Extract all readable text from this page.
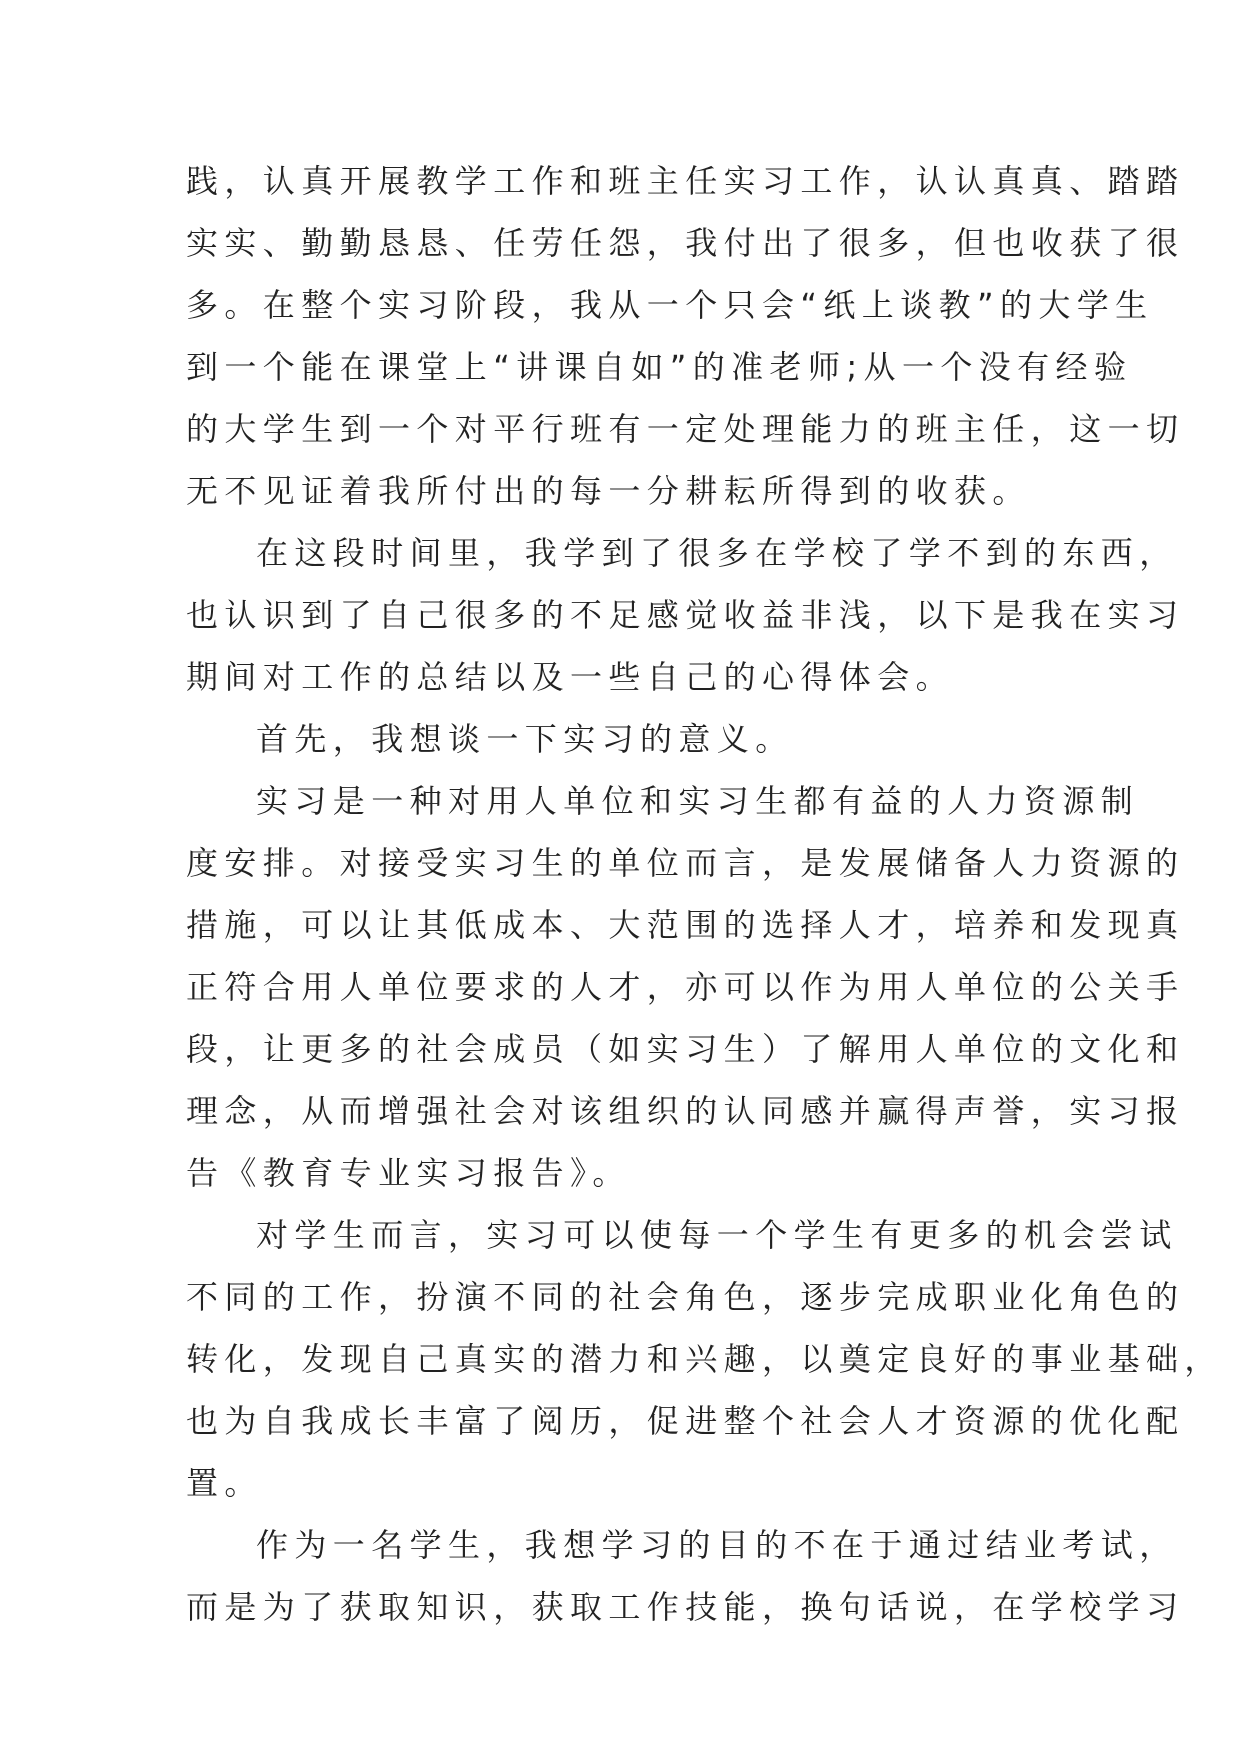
践，认真开展教学工作和班主任实习工作，认认真真、踏踏
实实、勤勤恳恳、任劳任怨，我付出了很多，但也收获了很
多。在整个实习阶段，我从一个只会“纸上谈教”的大学生
到一个能在课堂上“讲课自如”的准老师;从一个没有经验
的大学生到一个对平行班有一定处理能力的班主任，这一切
无不见证着我所付出的每一分耕耘所得到的收获。
在这段时间里，我学到了很多在学校了学不到的东西，
也认识到了自己很多的不足感觉收益非浅，以下是我在实习
期间对工作的总结以及一些自己的心得体会。
首先，我想谈一下实习的意义。
实习是一种对用人单位和实习生都有益的人力资源制
度安排。对接受实习生的单位而言，是发展储备人力资源的
措施，可以让其低成本、大范围的选择人才，培养和发现真
正符合用人单位要求的人才，亦可以作为用人单位的公关手
段，让更多的社会成员（如实习生）了解用人单位的文化和
理念，从而增强社会对该组织的认同感并赢得声誉，实习报
告《教育专业实习报告》。
对学生而言，实习可以使每一个学生有更多的机会尝试
不同的工作，扮演不同的社会角色，逐步完成职业化角色的
转化，发现自己真实的潜力和兴趣，以奠定良好的事业基础，
也为自我成长丰富了阅历，促进整个社会人才资源的优化配
置。
作为一名学生，我想学习的目的不在于通过结业考试，
而是为了获取知识，获取工作技能，换句话说，在学校学习
